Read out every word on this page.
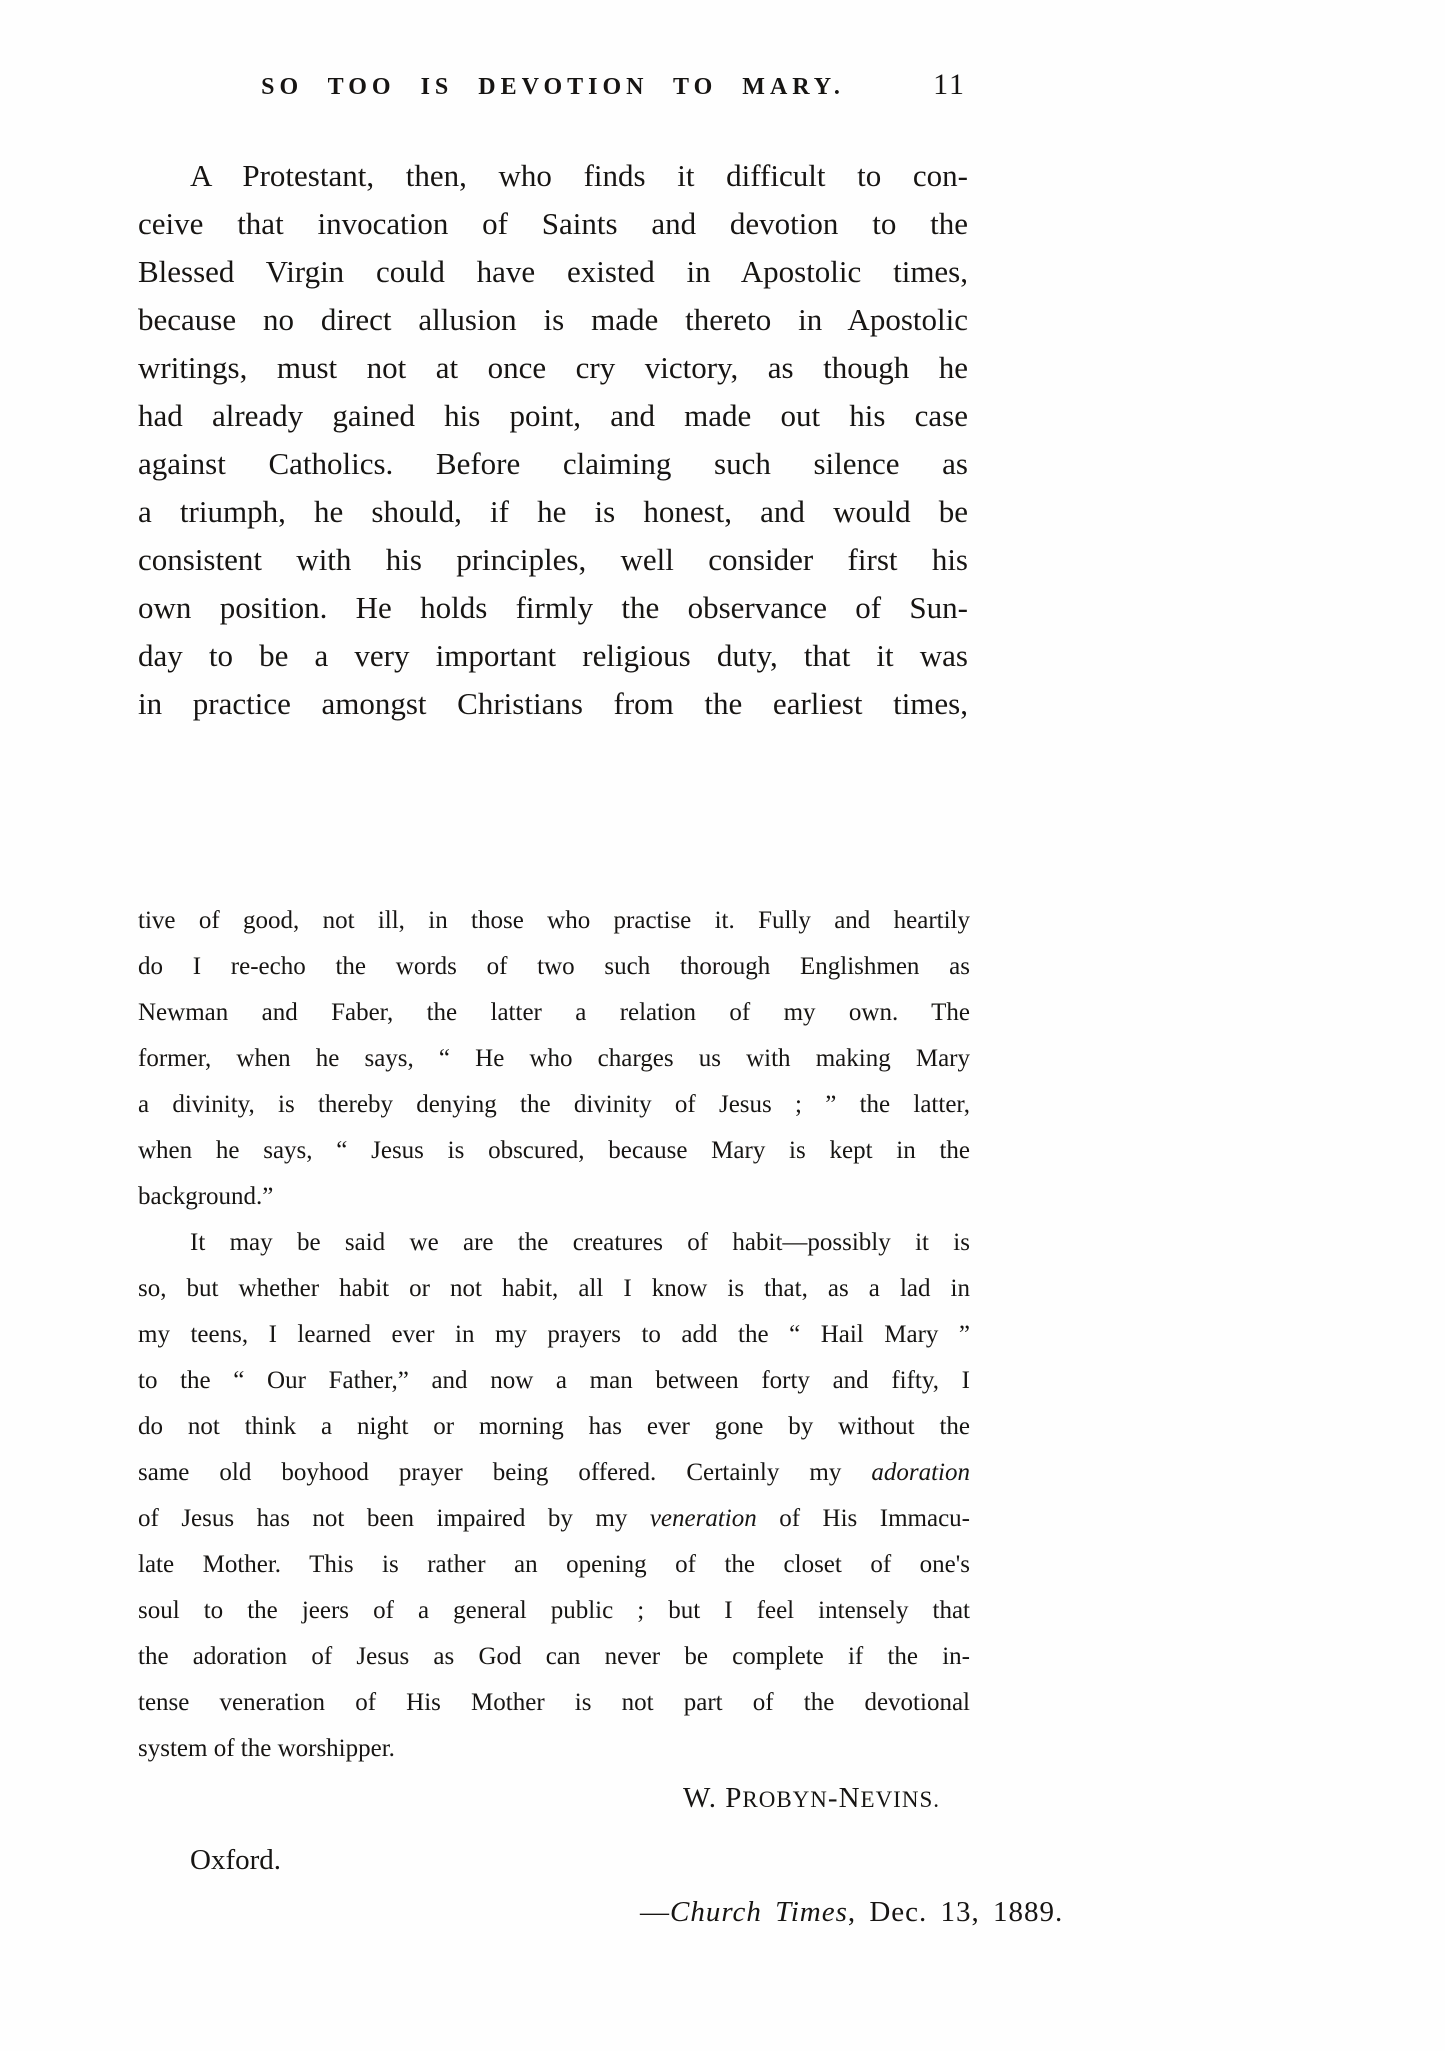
SO TOO IS DEVOTION TO MARY.	11
A Protestant, then, who finds it difficult to con-
ceive that invocation of Saints and devotion to the
Blessed Virgin could have existed in Apostolic times,
because no direct allusion is made thereto in Apostolic
writings, must not at once cry victory, as though he
had already gained his point, and made out his case
against Catholics. Before claiming such silence as
a triumph, he should, if he is honest, and would be
consistent with his principles, well consider first his
own position. He holds firmly the observance of Sun-
day to be a very important religious duty, that it was
in practice amongst Christians from the earliest times,
tive of good, not ill, in those who practise it. Fully and heartily
do I re-echo the words of two such thorough Englishmen as
Newman and Faber, the latter a relation of my own. The
former, when he says, “ He who charges us with making Mary
a divinity, is thereby denying the divinity of Jesus ; ” the latter,
when he says, “ Jesus is obscured, because Mary is kept in the
background.”
It may be said we are the creatures of habit—possibly it is
so, but whether habit or not habit, all I know is that, as a lad in
my teens, I learned ever in my prayers to add the “ Hail Mary ”
to the “ Our Father,” and now a man between forty and fifty, I
do not think a night or morning has ever gone by without the
same old boyhood prayer being offered. Certainly my adoration
of Jesus has not been impaired by my veneration of His Immacu-
late Mother. This is rather an opening of the closet of one's
soul to the jeers of a general public ; but I feel intensely that
the adoration of Jesus as God can never be complete if the in-
tense veneration of His Mother is not part of the devotional
system of the worshipper.
W. PROBYN-NEVINS.
Oxford.
—Church Times, Dec. 13, 1889.
